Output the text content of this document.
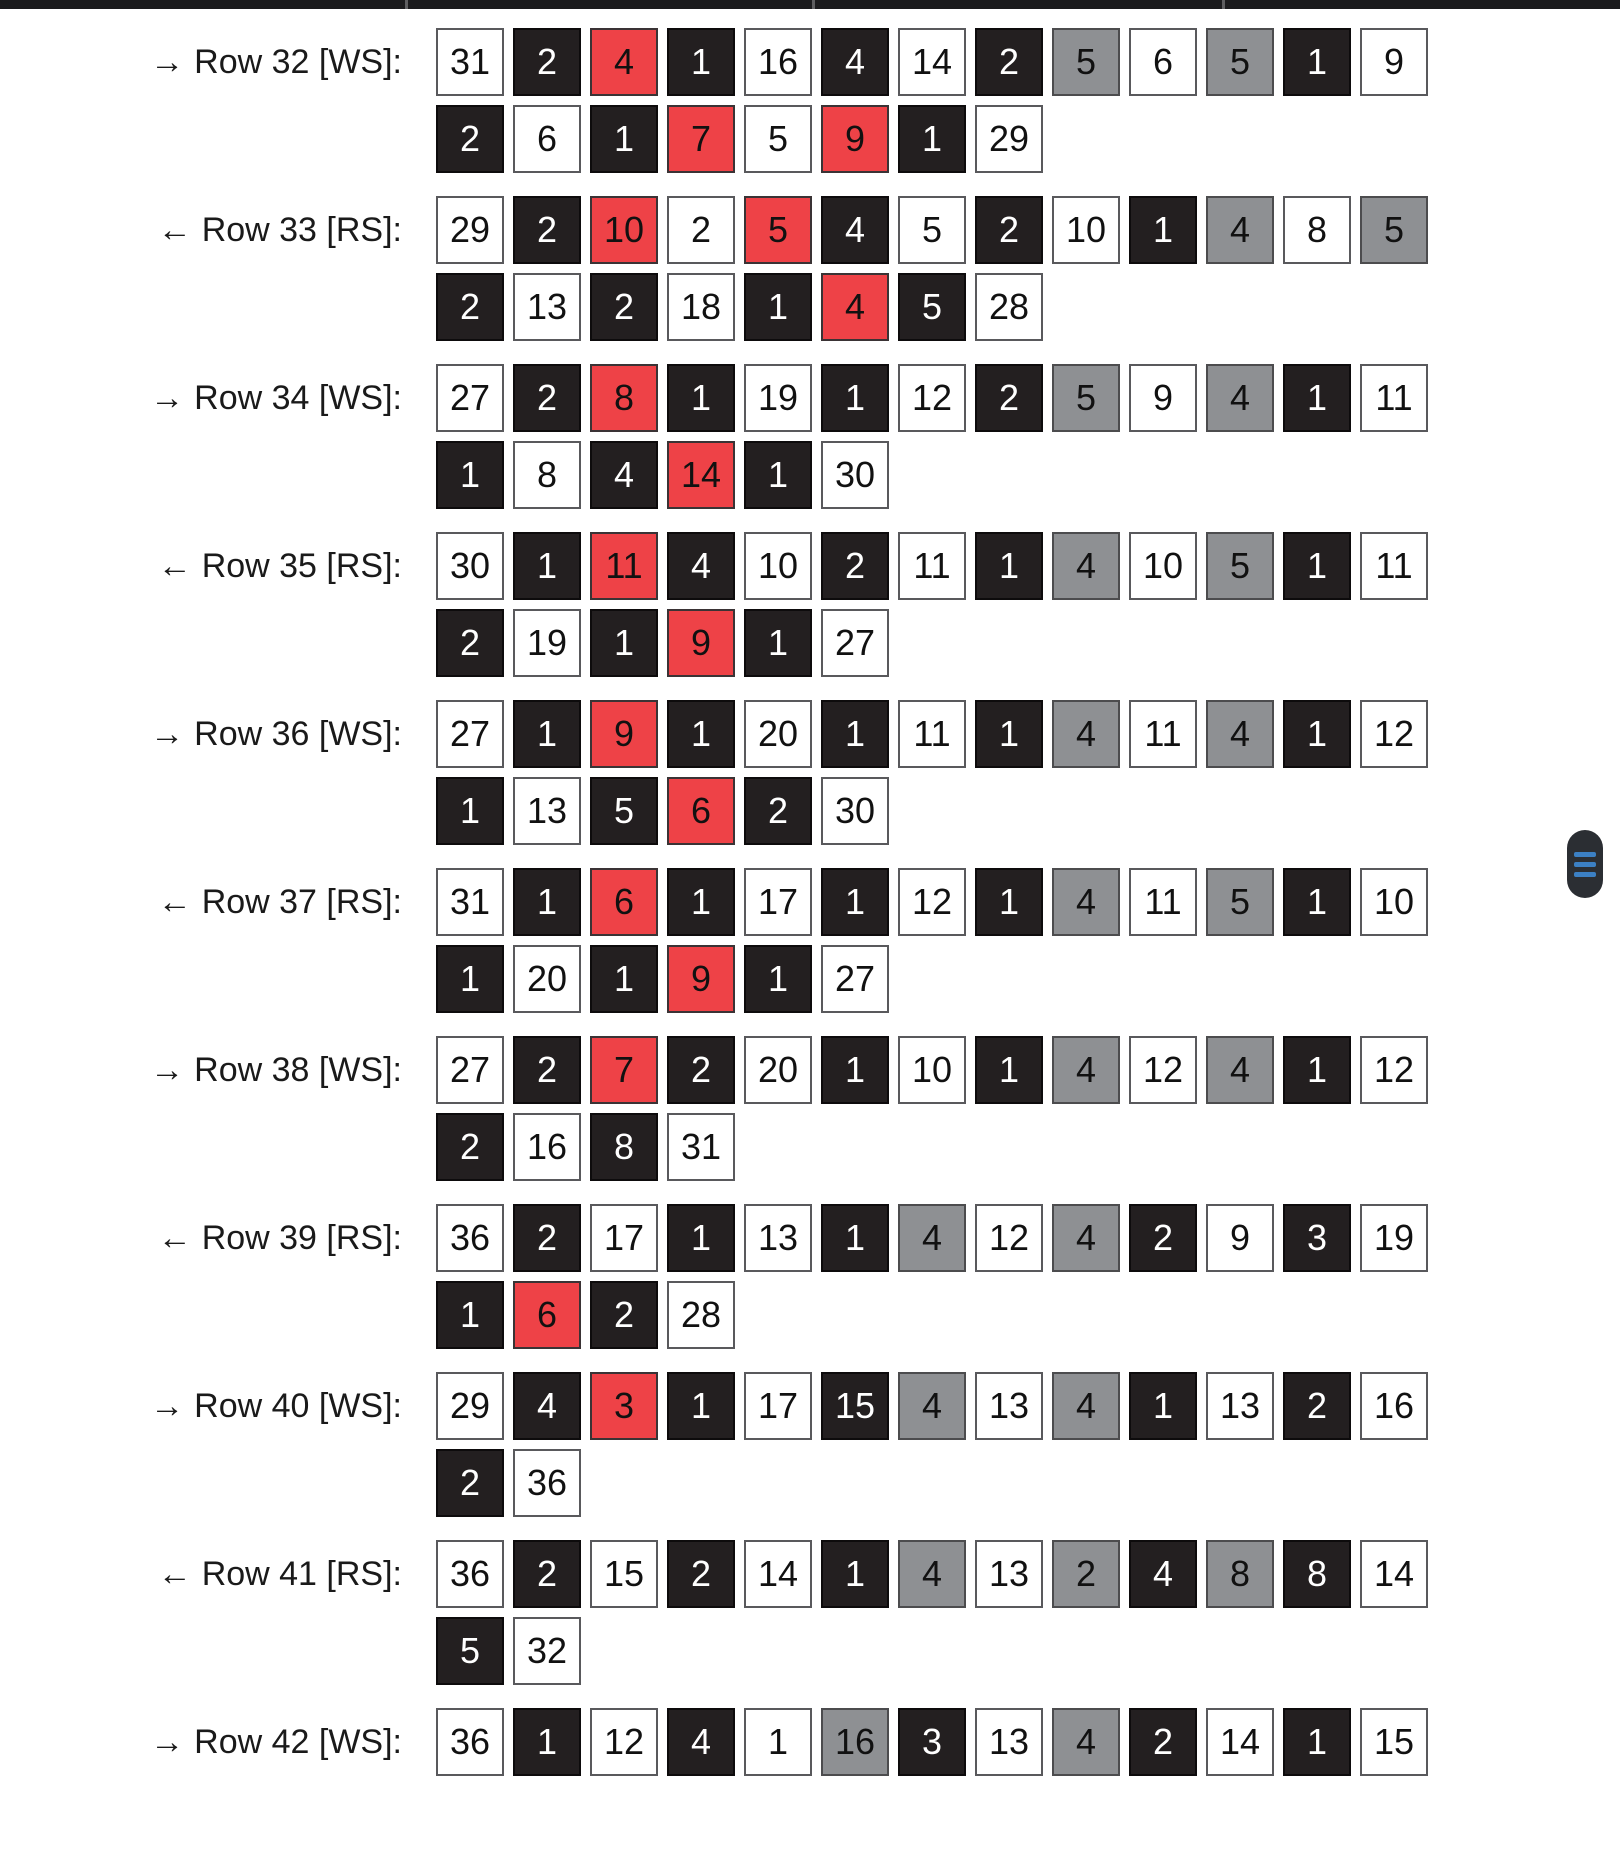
→ Row 32 [WS]:	31	2	4	1	16	4	14	2	5	6	5	1	9
2	6	1	7	5	9	1	29
← Row 33 [RS]:	29	2	10	2	5	4	5	2	10	1	4	8	5
2	13	2	18	1	4	5	28
→ Row 34 [WS]:	27	2	8	1	19	1	12	2	5	9	4	1	11
1	8	4	14	1	30
← Row 35 [RS]:	30	1	11	4	10	2	11	1	4	10	5	1	11
2	19	1	9	1	27
→ Row 36 [WS]:	27	1	9	1	20	1	11	1	4	11	4	1	12
1	13	5	6	2	30
← Row 37 [RS]:	31	1	6	1	17	1	12	1	4	11	5	1	10
1	20	1	9	1	27
→ Row 38 [WS]:	27	2	7	2	20	1	10	1	4	12	4	1	12
2	16	8	31
← Row 39 [RS]:	36	2	17	1	13	1	4	12	4	2	9	3	19
1	6	2	28
→ Row 40 [WS]:	29	4	3	1	17	15	4	13	4	1	13	2	16
2	36
← Row 41 [RS]:	36	2	15	2	14	1	4	13	2	4	8	8	14
5	32
→ Row 42 [WS]:	36	1	12	4	1	16	3	13	4	2	14	1	15
